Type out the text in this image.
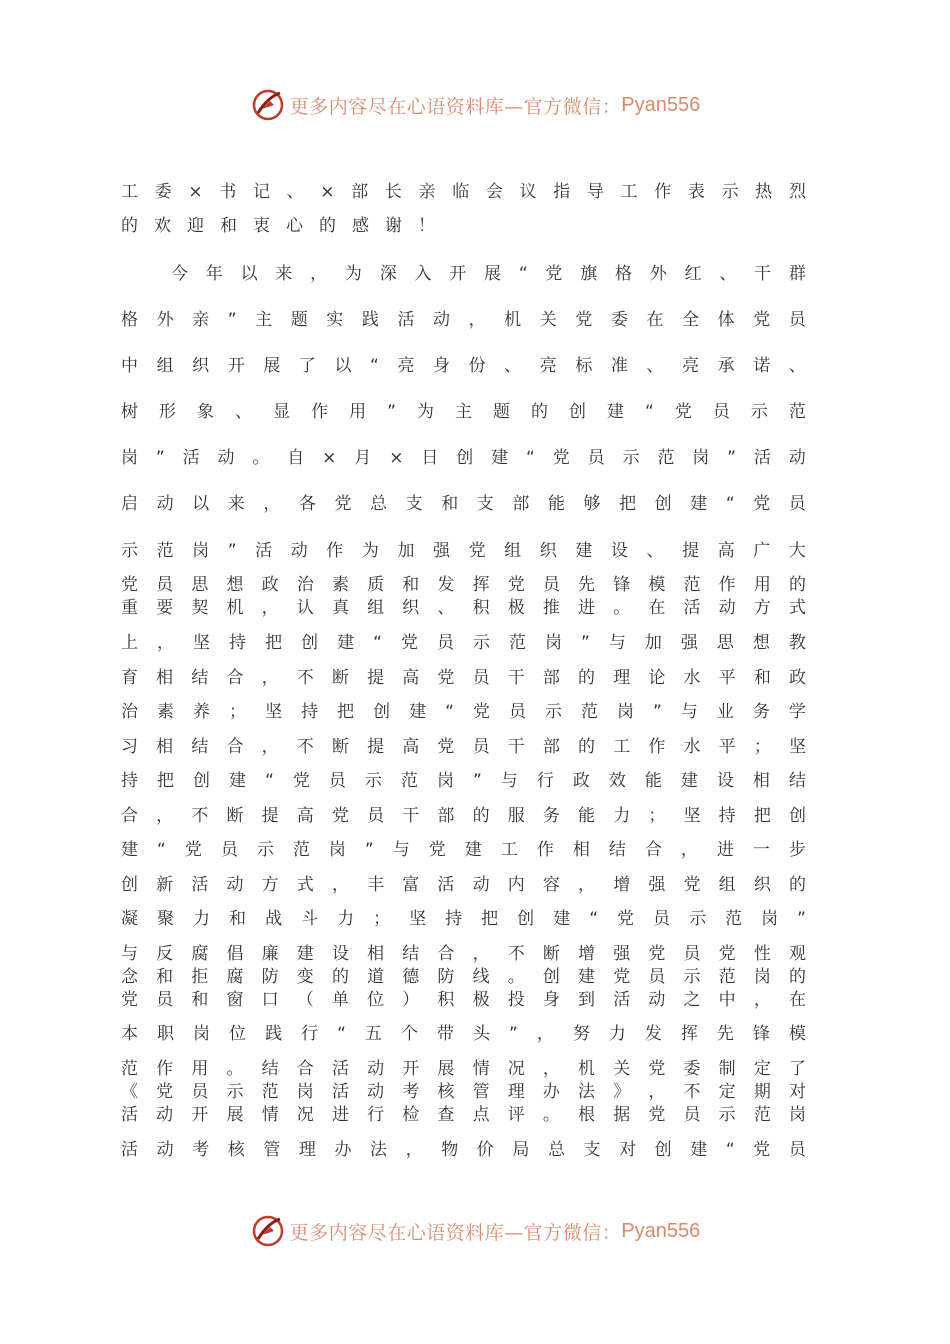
更多内容尽在心语资料库—官方微信： Pyan556
工 委 × 书 记 、 × 部 长 亲 临 会 议 指 导 工 作 表 示 热 烈
的 欢 迎 和 衷 心 的 感 谢 ！
今 年 以 来 ， 为 深 入 开 展 “ 党 旗 格 外 红 、 干 群
格 外 亲 ” 主 题 实 践 活 动 ， 机 关 党 委 在 全 体 党 员
中 组 织 开 展 了 以 “ 亮 身 份 、 亮 标 准 、 亮 承 诺 、
树 形 象 、 显 作 用 ” 为 主 题 的 创 建 “ 党 员 示 范
岗 ” 活 动 。 自 × 月 × 日 创 建 “ 党 员 示 范 岗 ” 活 动
启 动 以 来 ， 各 党 总 支 和 支 部 能 够 把 创 建 “ 党 员
示 范 岗 ” 活 动 作 为 加 强 党 组 织 建 设 、 提 高 广 大
党 员 思 想 政 治 素 质 和 发 挥 党 员 先 锋 模 范 作 用 的
重 要 契 机 ， 认 真 组 织 、 积 极 推 进 。 在 活 动 方 式
上 ， 坚 持 把 创 建 “ 党 员 示 范 岗 ” 与 加 强 思 想 教
育 相 结 合 ， 不 断 提 高 党 员 干 部 的 理 论 水 平 和 政
治 素 养 ； 坚 持 把 创 建 “ 党 员 示 范 岗 ” 与 业 务 学
习 相 结 合 ， 不 断 提 高 党 员 干 部 的 工 作 水 平 ； 坚
持 把 创 建 “ 党 员 示 范 岗 ” 与 行 政 效 能 建 设 相 结
合 ， 不 断 提 高 党 员 干 部 的 服 务 能 力 ； 坚 持 把 创
建 “ 党 员 示 范 岗 ” 与 党 建 工 作 相 结 合 ， 进 一 步
创 新 活 动 方 式 ， 丰 富 活 动 内 容 ， 增 强 党 组 织 的
凝 聚 力 和 战 斗 力 ； 坚 持 把 创 建 “ 党 员 示 范 岗 ”
与 反 腐 倡 廉 建 设 相 结 合 ， 不 断 增 强 党 员 党 性 观
念 和 拒 腐 防 变 的 道 德 防 线 。 创 建 党 员 示 范 岗 的
党 员 和 窗 口 （ 单 位 ） 积 极 投 身 到 活 动 之 中 ， 在
本 职 岗 位 践 行 “ 五 个 带 头 ” ， 努 力 发 挥 先 锋 模
范 作 用 。 结 合 活 动 开 展 情 况 ， 机 关 党 委 制 定 了
《 党 员 示 范 岗 活 动 考 核 管 理 办 法 》 ， 不 定 期 对
活 动 开 展 情 况 进 行 检 查 点 评 。 根 据 党 员 示 范 岗
活 动 考 核 管 理 办 法 ， 物 价 局 总 支 对 创 建 “ 党 员
更多内容尽在心语资料库—官方微信： Pyan556
